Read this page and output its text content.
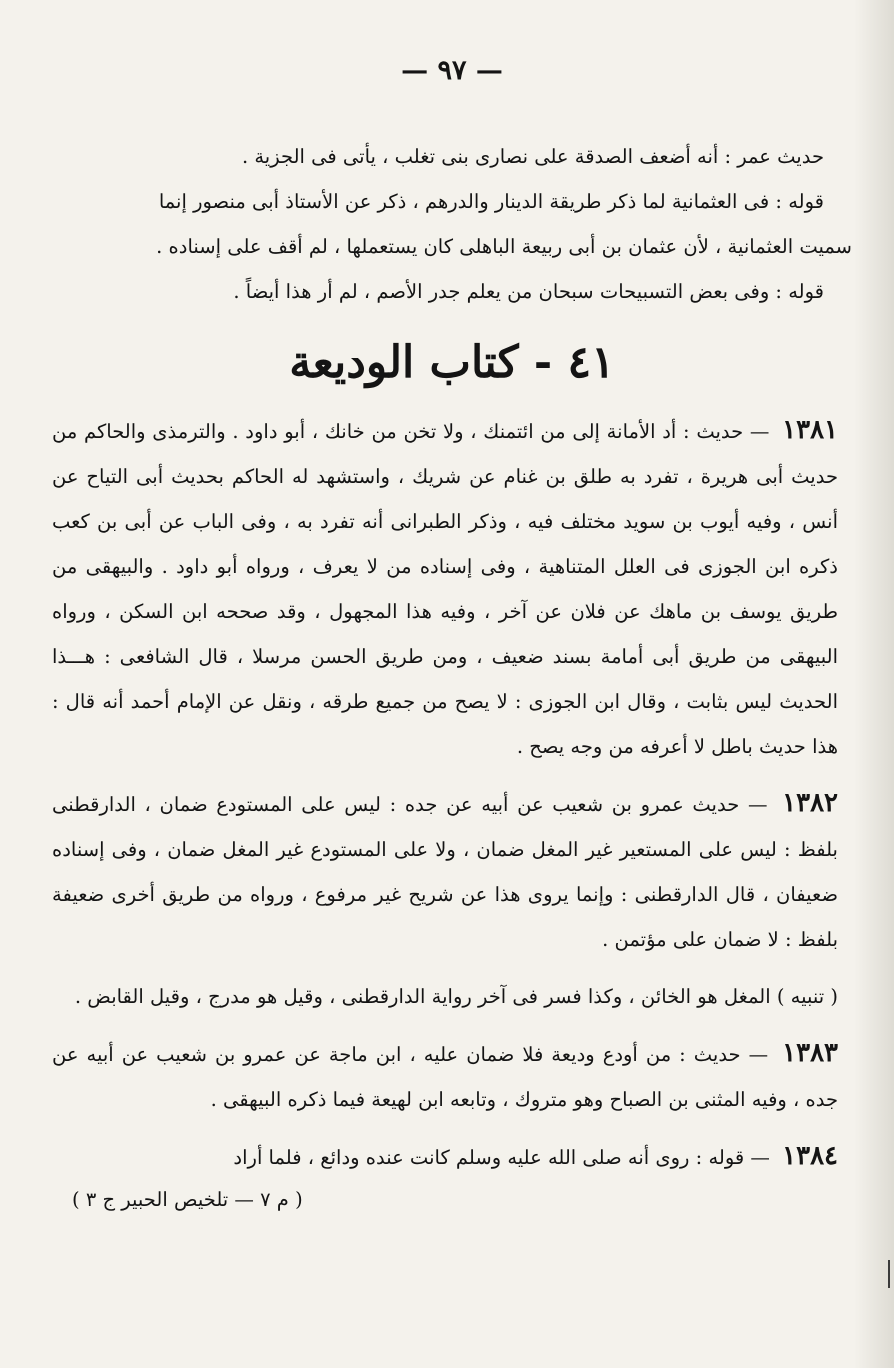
— ٩٧ —
حديث عمر : أنه أضعف الصدقة على نصارى بنى تغلب ، يأتى فى الجزية .
قوله : فى العثمانية لما ذكر طريقة الدينار والدرهم ، ذكر عن الأستاذ أبى منصور إنما
سميت العثمانية ، لأن عثمان بن أبى ربيعة الباهلى كان يستعملها ، لم أقف على إسناده .
قوله : وفى بعض التسبيحات سبحان من يعلم جدر الأصم ، لم أر هذا أيضاً .
٤١ - كتاب الوديعة
١٣٨١ — حديث : أد الأمانة إلى من ائتمنك ، ولا تخن من خانك ، أبو داود . والترمذى والحاكم من حديث أبى هريرة ، تفرد به طلق بن غنام عن شريك ، واستشهد له الحاكم بحديث أبى التياح عن أنس ، وفيه أيوب بن سويد مختلف فيه ، وذكر الطبرانى أنه تفرد به ، وفى الباب عن أبى بن كعب ذكره ابن الجوزى فى العلل المتناهية ، وفى إسناده من لا يعرف ، ورواه أبو داود . والبيهقى من طريق يوسف بن ماهك عن فلان عن آخر ، وفيه هذا المجهول ، وقد صححه ابن السكن ، ورواه البيهقى من طريق أبى أمامة بسند ضعيف ، ومن طريق الحسن مرسلا ، قال الشافعى : هـــذا الحديث ليس بثابت ، وقال ابن الجوزى : لا يصح من جميع طرقه ، ونقل عن الإمام أحمد أنه قال : هذا حديث باطل لا أعرفه من وجه يصح .
١٣٨٢ — حديث عمرو بن شعيب عن أبيه عن جده : ليس على المستودع ضمان ، الدارقطنى بلفظ : ليس على المستعير غير المغل ضمان ، ولا على المستودع غير المغل ضمان ، وفى إسناده ضعيفان ، قال الدارقطنى : وإنما يروى هذا عن شريح غير مرفوع ، ورواه من طريق أخرى ضعيفة بلفظ : لا ضمان على مؤتمن .
( تنبيه ) المغل هو الخائن ، وكذا فسر فى آخر رواية الدارقطنى ، وقيل هو مدرج ، وقيل القابض .
١٣٨٣ — حديث : من أودع وديعة فلا ضمان عليه ، ابن ماجة عن عمرو بن شعيب عن أبيه عن جده ، وفيه المثنى بن الصباح وهو متروك ، وتابعه ابن لهيعة فيما ذكره البيهقى .
١٣٨٤ — قوله : روى أنه صلى الله عليه وسلم كانت عنده ودائع ، فلما أراد
( م ٧ — تلخيص الحبير ج ٣ )
